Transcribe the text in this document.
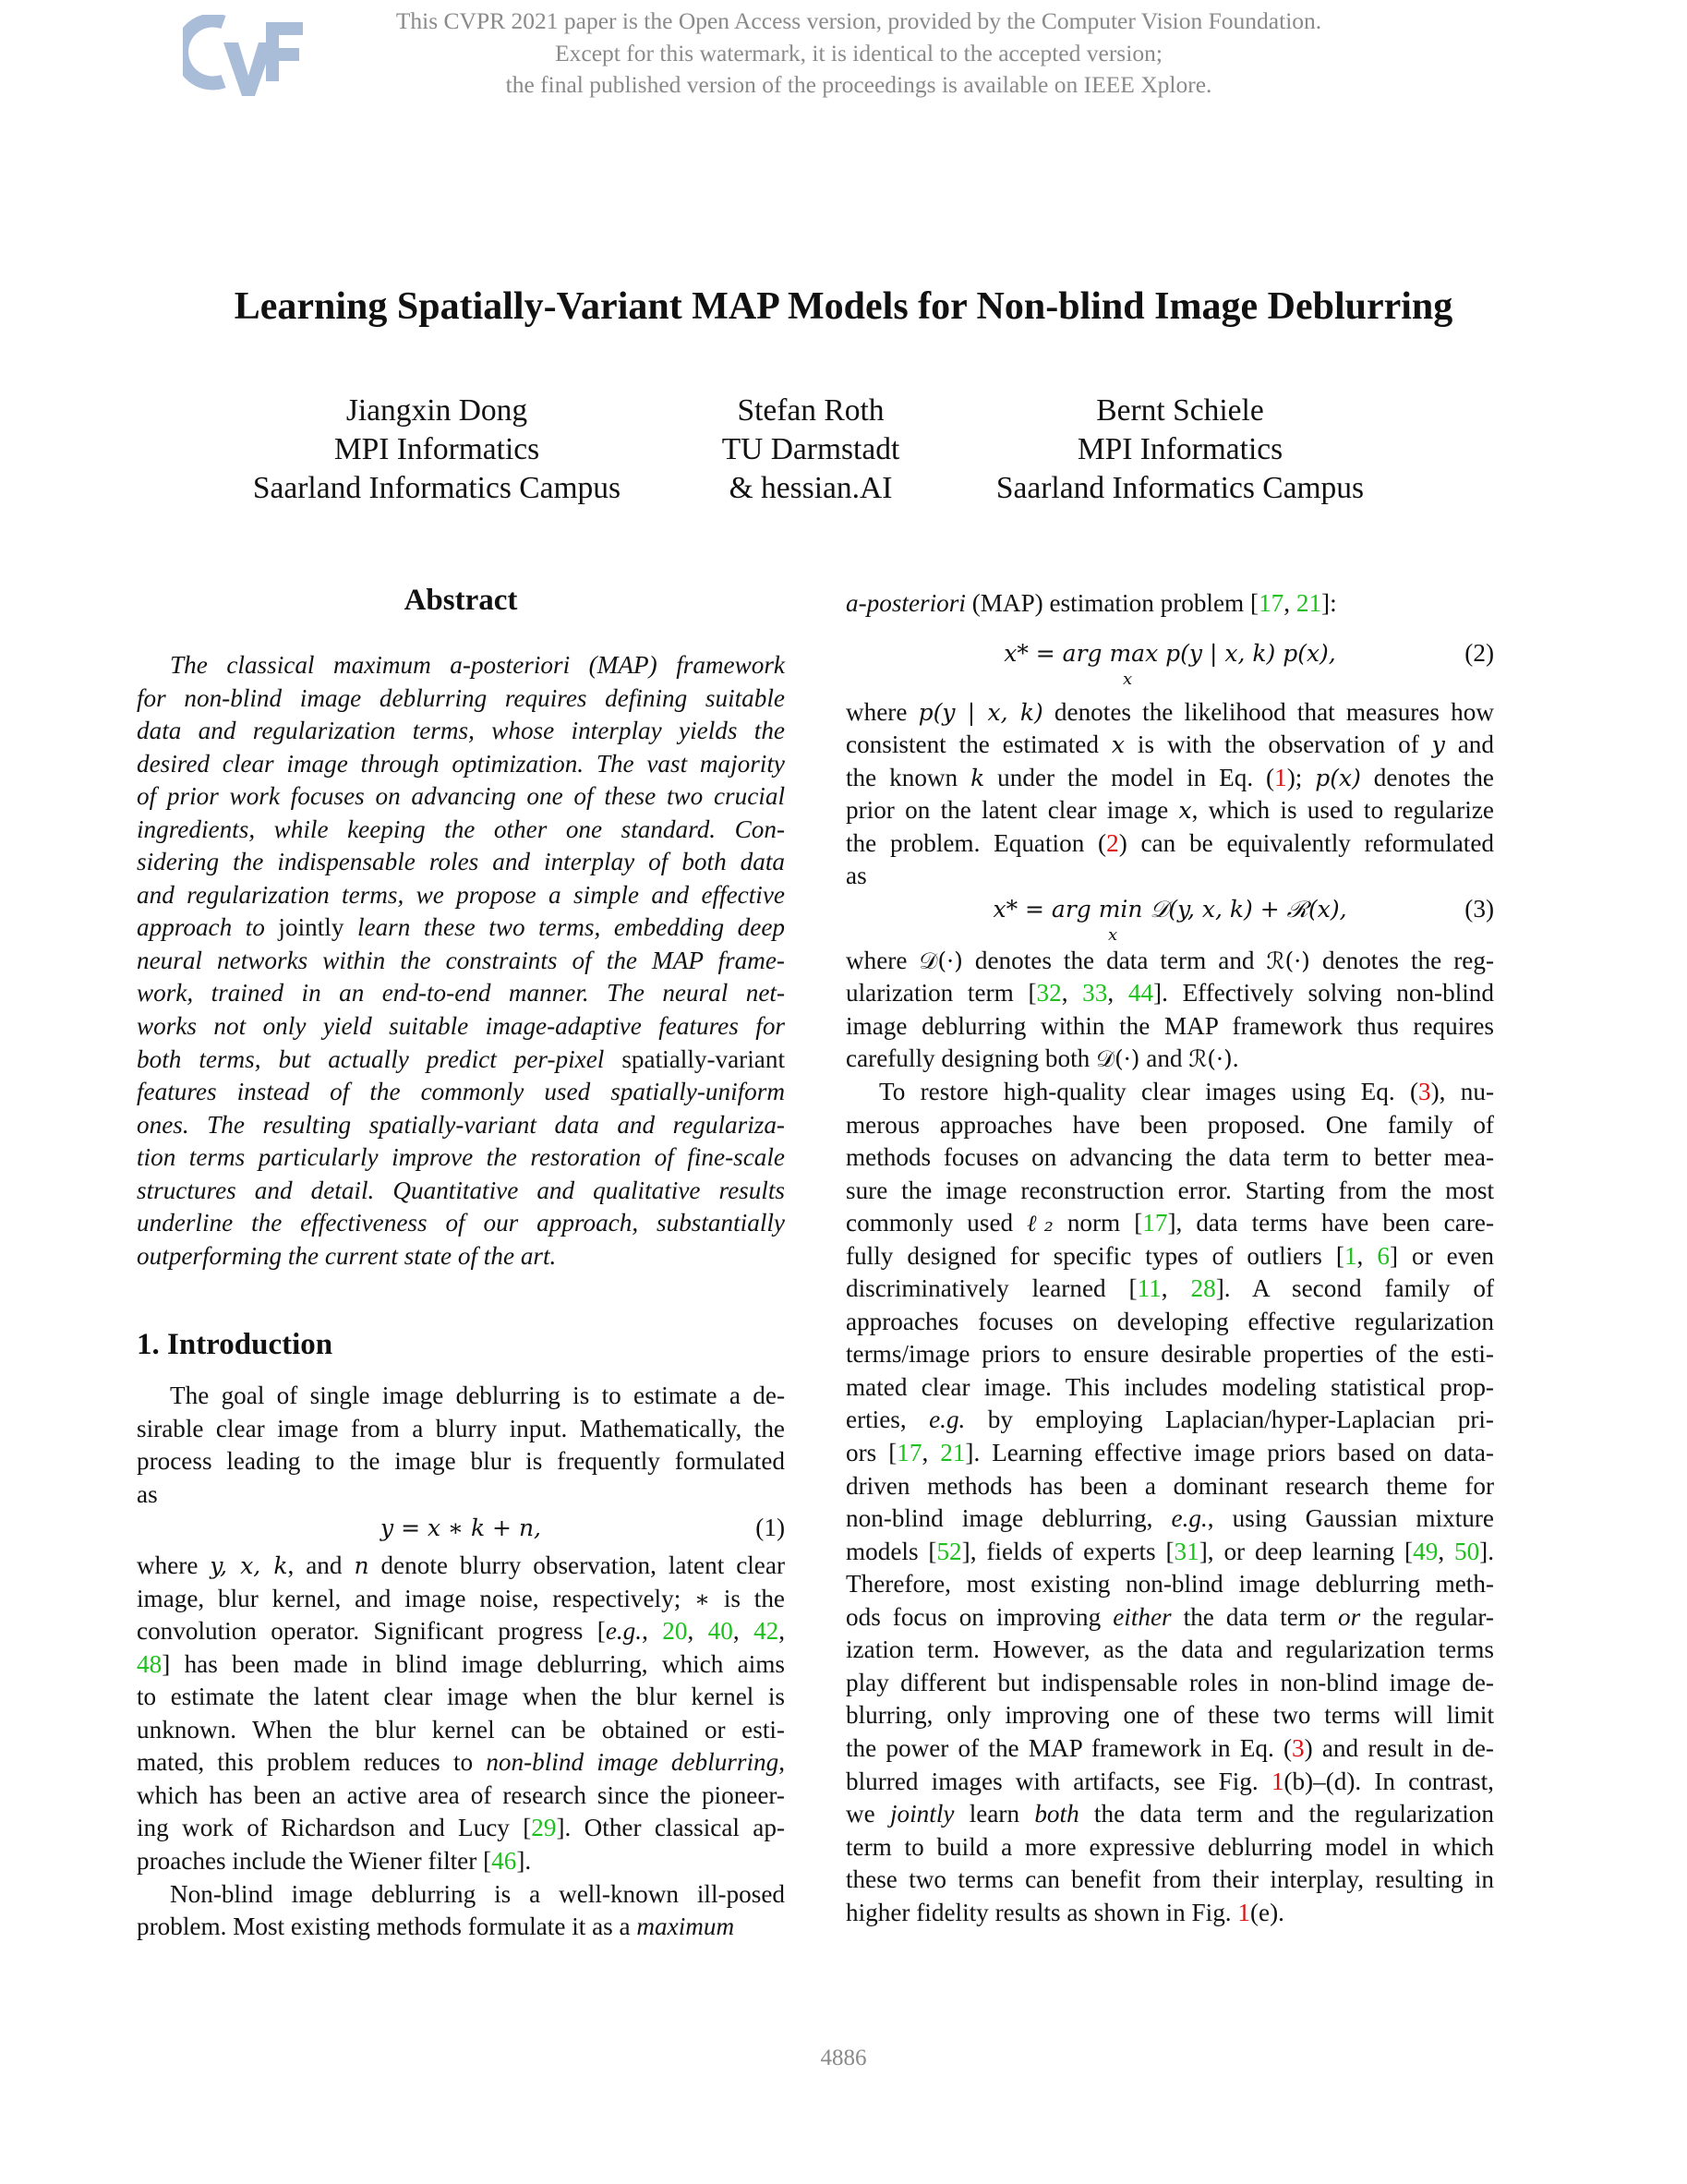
This CVPR 2021 paper is the Open Access version, provided by the Computer Vision Foundation.
Except for this watermark, it is identical to the accepted version;
the final published version of the proceedings is available on IEEE Xplore.
Learning Spatially-Variant MAP Models for Non-blind Image Deblurring
Jiangxin Dong
MPI Informatics
Saarland Informatics Campus
Stefan Roth
TU Darmstadt
& hessian.AI
Bernt Schiele
MPI Informatics
Saarland Informatics Campus
Abstract
The classical maximum a-posteriori (MAP) framework
for non-blind image deblurring requires defining suitable
data and regularization terms, whose interplay yields the
desired clear image through optimization. The vast majority
of prior work focuses on advancing one of these two crucial
ingredients, while keeping the other one standard. Con-
sidering the indispensable roles and interplay of both data
and regularization terms, we propose a simple and effective
approach to jointly learn these two terms, embedding deep
neural networks within the constraints of the MAP frame-
work, trained in an end-to-end manner. The neural net-
works not only yield suitable image-adaptive features for
both terms, but actually predict per-pixel spatially-variant
features instead of the commonly used spatially-uniform
ones. The resulting spatially-variant data and regulariza-
tion terms particularly improve the restoration of fine-scale
structures and detail. Quantitative and qualitative results
underline the effectiveness of our approach, substantially
outperforming the current state of the art.
1. Introduction
The goal of single image deblurring is to estimate a de-
sirable clear image from a blurry input. Mathematically, the
process leading to the image blur is frequently formulated
as
y = x ∗ k + n,	(1)
where y, x, k, and n denote blurry observation, latent clear
image, blur kernel, and image noise, respectively; ∗ is the
convolution operator. Significant progress [e.g., 20, 40, 42,
48] has been made in blind image deblurring, which aims
to estimate the latent clear image when the blur kernel is
unknown. When the blur kernel can be obtained or esti-
mated, this problem reduces to non-blind image deblurring,
which has been an active area of research since the pioneer-
ing work of Richardson and Lucy [29]. Other classical ap-
proaches include the Wiener filter [46].
Non-blind image deblurring is a well-known ill-posed
problem. Most existing methods formulate it as a maximum
a-posteriori (MAP) estimation problem [17, 21]:
x* = arg max p(y | x, k) p(x),
x
(2)
where p(y | x, k) denotes the likelihood that measures how
consistent the estimated x is with the observation of y and
the known k under the model in Eq. (1); p(x) denotes the
prior on the latent clear image x, which is used to regularize
the problem. Equation (2) can be equivalently reformulated
as
x* = arg min 𝒟(y, x, k) + ℛ(x),
x
(3)
where 𝒟(·) denotes the data term and ℛ(·) denotes the reg-
ularization term [32, 33, 44]. Effectively solving non-blind
image deblurring within the MAP framework thus requires
carefully designing both 𝒟(·) and ℛ(·).
To restore high-quality clear images using Eq. (3), nu-
merous approaches have been proposed. One family of
methods focuses on advancing the data term to better mea-
sure the image reconstruction error. Starting from the most
commonly used ℓ₂ norm [17], data terms have been care-
fully designed for specific types of outliers [1, 6] or even
discriminatively learned [11, 28]. A second family of
approaches focuses on developing effective regularization
terms/image priors to ensure desirable properties of the esti-
mated clear image. This includes modeling statistical prop-
erties, e.g. by employing Laplacian/hyper-Laplacian pri-
ors [17, 21]. Learning effective image priors based on data-
driven methods has been a dominant research theme for
non-blind image deblurring, e.g., using Gaussian mixture
models [52], fields of experts [31], or deep learning [49, 50].
Therefore, most existing non-blind image deblurring meth-
ods focus on improving either the data term or the regular-
ization term. However, as the data and regularization terms
play different but indispensable roles in non-blind image de-
blurring, only improving one of these two terms will limit
the power of the MAP framework in Eq. (3) and result in de-
blurred images with artifacts, see Fig. 1(b)–(d). In contrast,
we jointly learn both the data term and the regularization
term to build a more expressive deblurring model in which
these two terms can benefit from their interplay, resulting in
higher fidelity results as shown in Fig. 1(e).
4886
